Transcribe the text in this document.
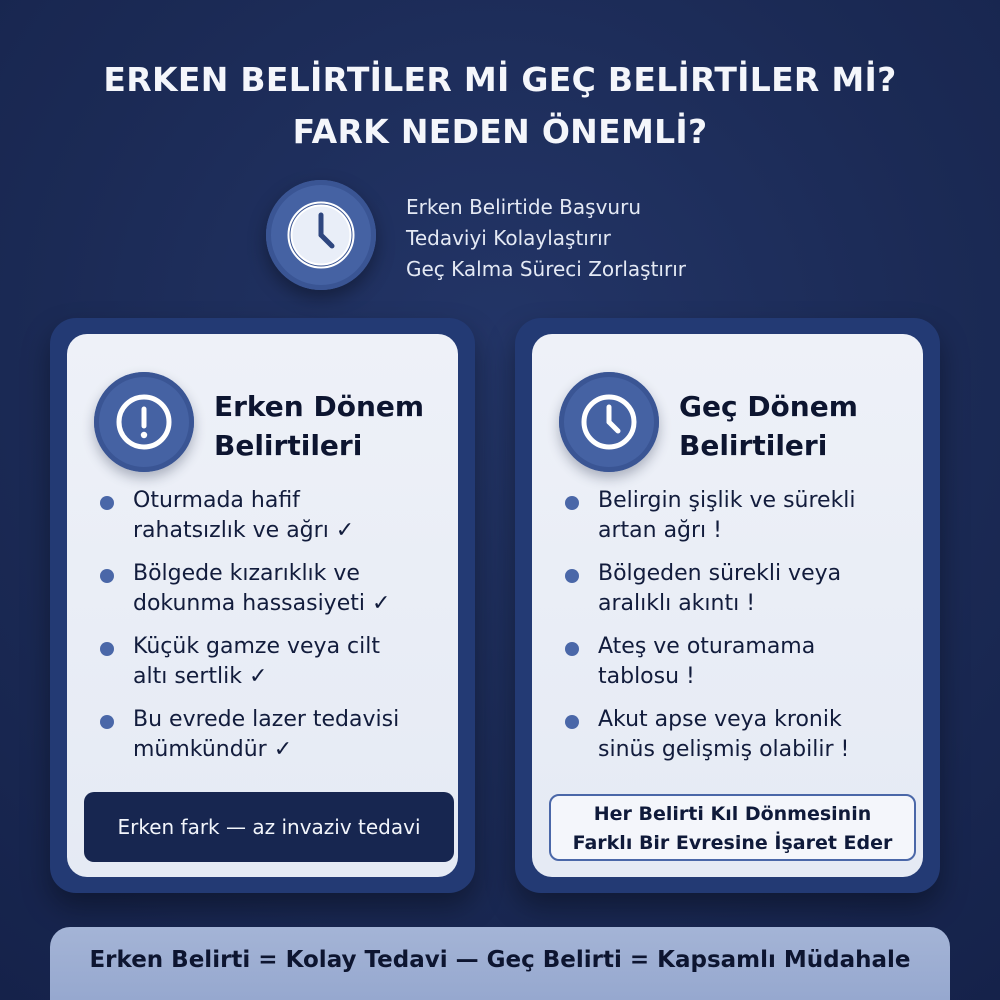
ERKEN BELİRTİLER Mİ GEÇ BELİRTİLER Mİ?
FARK NEDEN ÖNEMLİ?
Erken Belirtide Başvuru
Tedaviyi Kolaylaştırır
Geç Kalma Süreci Zorlaştırır
Erken Dönem
Belirtileri
Oturmada hafif
rahatsızlık ve ağrı ✓
Bölgede kızarıklık ve
dokunma hassasiyeti ✓
Küçük gamze veya cilt
altı sertlik ✓
Bu evrede lazer tedavisi
mümkündür ✓
Erken fark — az invaziv tedavi
Geç Dönem
Belirtileri
Belirgin şişlik ve sürekli
artan ağrı !
Bölgeden sürekli veya
aralıklı akıntı !
Ateş ve oturamama
tablosu !
Akut apse veya kronik
sinüs gelişmiş olabilir !
Her Belirti Kıl Dönmesinin
Farklı Bir Evresine İşaret Eder
Erken Belirti = Kolay Tedavi — Geç Belirti = Kapsamlı Müdahale
